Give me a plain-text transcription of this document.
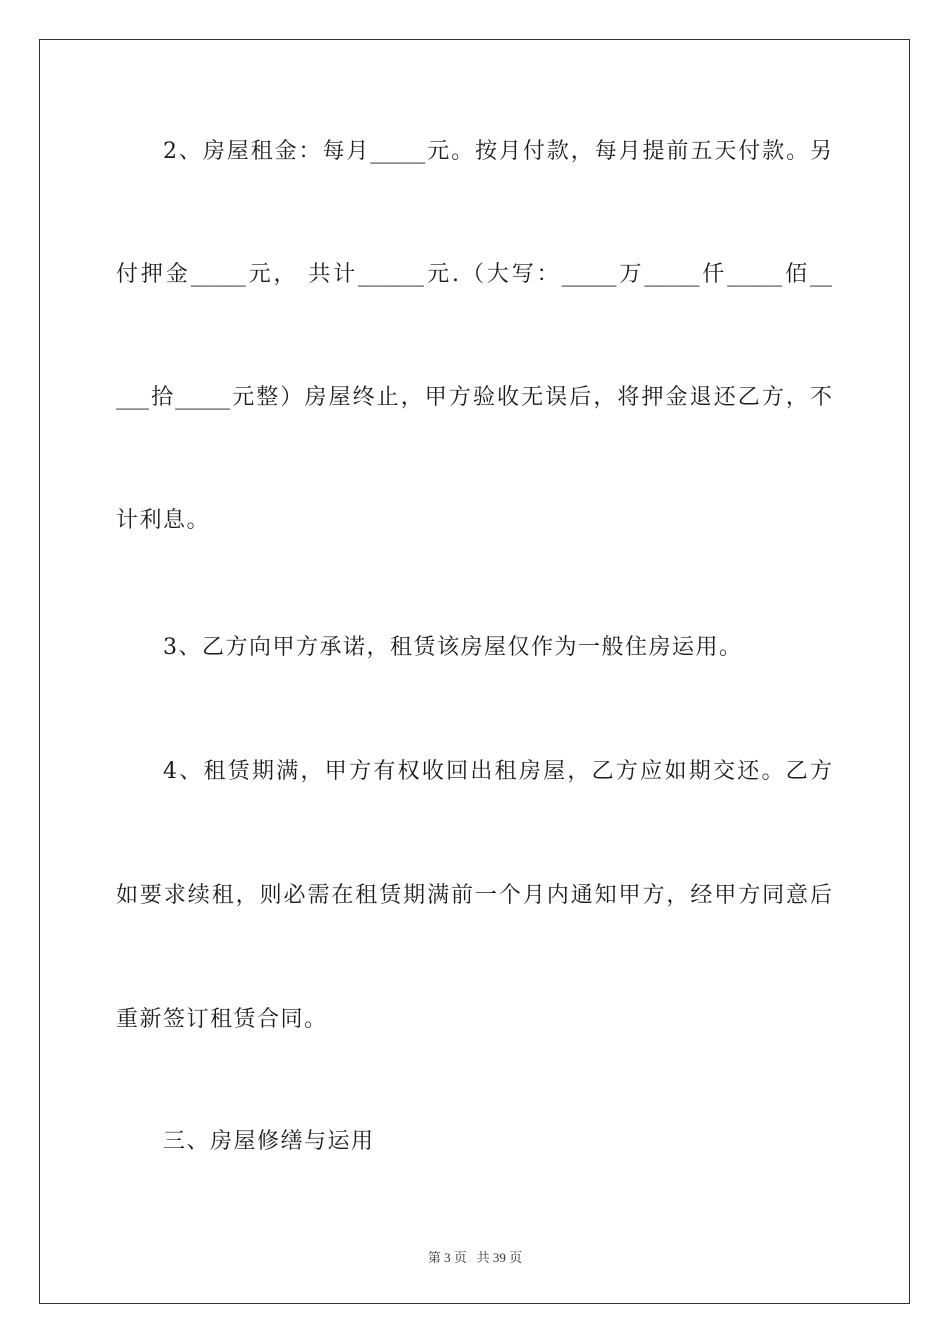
2、房屋租金：每月_____元。按月付款，每月提前五天付款。另
付押金_____元， 共计______元.（大写：_____万_____仟_____佰__
___拾_____元整）房屋终止，甲方验收无误后，将押金退还乙方，不
计利息。
3、乙方向甲方承诺，租赁该房屋仅作为一般住房运用。
4、租赁期满，甲方有权收回出租房屋，乙方应如期交还。乙方
如要求续租，则必需在租赁期满前一个月内通知甲方，经甲方同意后
重新签订租赁合同。
三、房屋修缮与运用
第 3 页   共 39 页
